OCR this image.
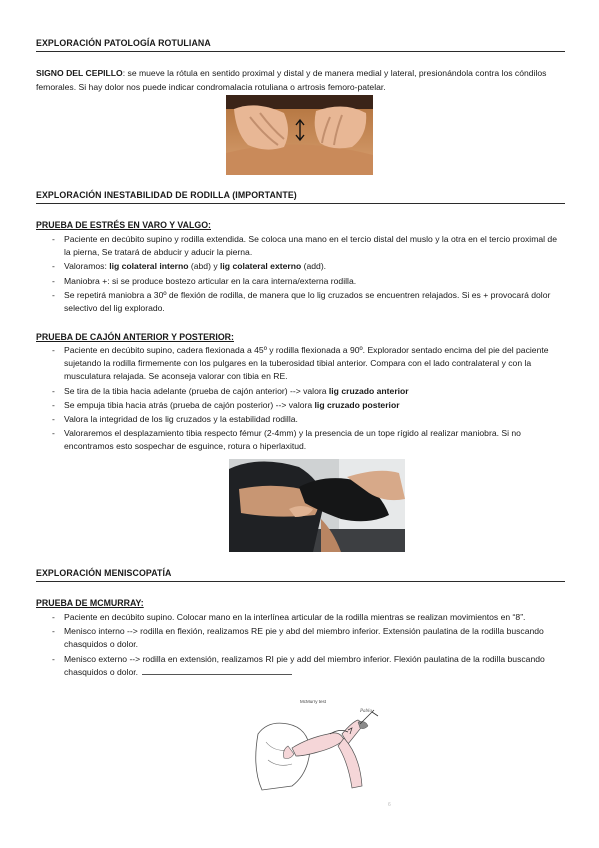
EXPLORACIÓN PATOLOGÍA ROTULIANA
SIGNO DEL CEPILLO: se mueve la rótula en sentido proximal y distal y de manera medial y lateral, presionándola contra los cóndilos femorales. Si hay dolor nos puede indicar condromalacia rotuliana o artrosis femoro-patelar.
EXPLORACIÓN INESTABILIDAD DE RODILLA (IMPORTANTE)
PRUEBA DE ESTRÉS EN VARO Y VALGO:
- Paciente en decúbito supino y rodilla extendida. Se coloca una mano en el tercio distal del muslo y la otra en el tercio proximal de la pierna, Se tratará de abducir y aducir la pierna.
- Valoramos: lig colateral interno (abd) y lig colateral externo (add).
- Maniobra +: si se produce bostezo articular en la cara interna/externa rodilla.
- Se repetirá maniobra a 30º de flexión de rodilla, de manera que lo lig cruzados se encuentren relajados. Si es + provocará dolor selectivo del lig explorado.
PRUEBA DE CAJÓN ANTERIOR Y POSTERIOR:
- Paciente en decúbito supino, cadera flexionada a 45º y rodilla flexionada a 90º. Explorador sentado encima del pie del paciente sujetando la rodilla firmemente con los pulgares en la tuberosidad tibial anterior. Compara con el lado contralateral y con la musculatura relajada. Se aconseja valorar con tibia en RE.
- Se tira de la tibia hacia adelante (prueba de cajón anterior) --> valora lig cruzado anterior
- Se empuja tibia hacia atrás (prueba de cajón posterior) --> valora lig cruzado posterior
- Valora la integridad de los lig cruzados y la estabilidad rodilla.
- Valoraremos el desplazamiento tibia respecto fémur (2-4mm) y la presencia de un tope rígido al realizar maniobra. Si no encontramos esto sospechar de esguince, rotura o hiperlaxitud.
EXPLORACIÓN MENISCOPATÍA
PRUEBA DE MCMURRAY:
- Paciente en decúbito supino. Colocar mano en la interlínea articular de la rodilla mientras se realizan movimientos en “8”.
- Menisco interno --> rodilla en flexión, realizamos RE pie y abd del miembro inferior. Extensión paulatina de la rodilla buscando chasquidos o dolor.
- Menisco externo --> rodilla en extensión, realizamos RI pie y add del miembro inferior. Flexión paulatina de la rodilla buscando chasquidos o dolor.
McMurry test
Pablo
6
